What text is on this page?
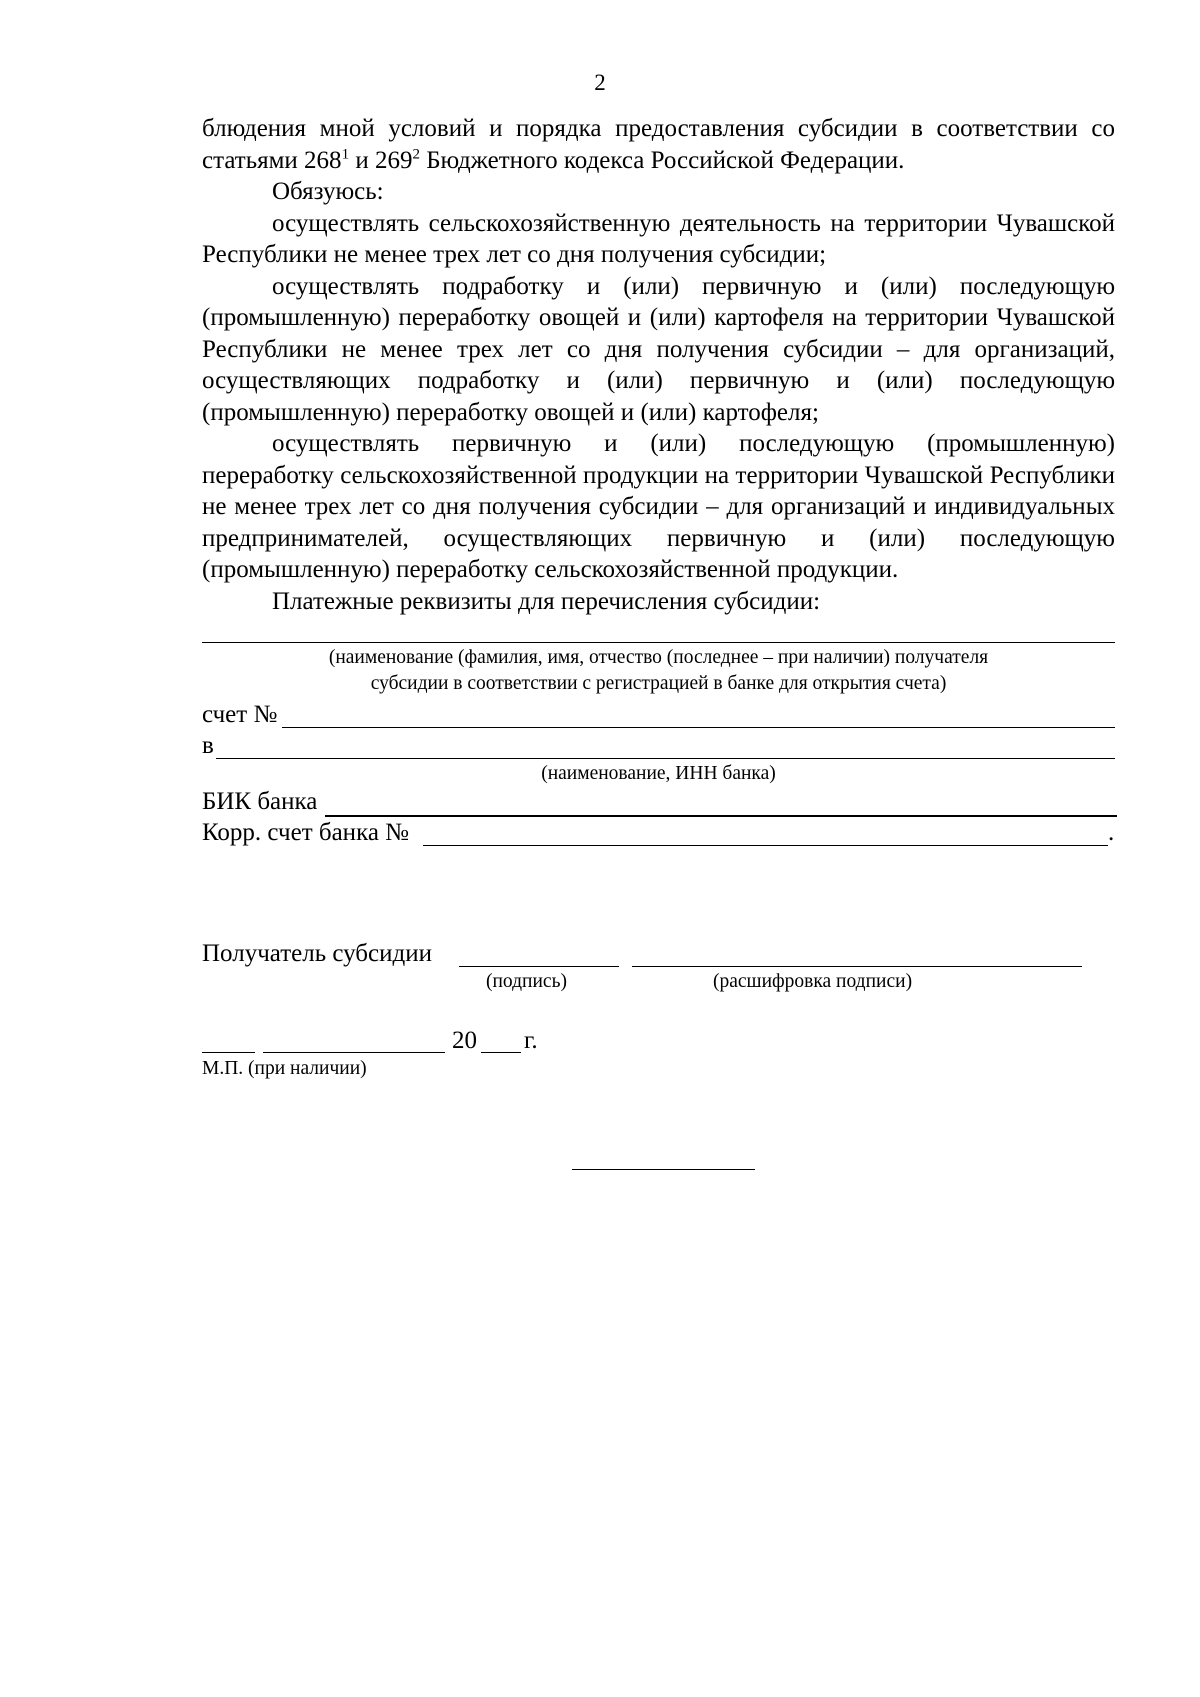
2

блюдения мной условий и порядка предоставления субсидии в соответствии со статьями $268^1$ и $269^2$ Бюджетного кодекса Российской Федерации.

Обязуюсь:

осуществлять сельскохозяйственную деятельность на территории Чувашской Республики не менее трех лет со дня получения субсидии;

осуществлять подработку и (или) первичную и (или) последующую (промышленную) переработку овощей и (или) картофеля на территории Чувашской Республики не менее трех лет со дня получения субсидии – для организаций, осуществляющих подработку и (или) первичную и (или) последующую (промышленную) переработку овощей и (или) картофеля;

осуществлять первичную и (или) последующую (промышленную) переработку сельскохозяйственной продукции на территории Чувашской Республики не менее трех лет со дня получения субсидии – для организаций и индивидуальных предпринимателей, осуществляющих первичную и (или) последующую (промышленную) переработку сельскохозяйственной продукции.

Платежные реквизиты для перечисления субсидии:

(наименование (фамилия, имя, отчество (последнее – при наличии) получателя
субсидии в соответствии с регистрацией в банке для открытия счета)
счет №
в
(наименование, ИНН банка)
БИК банка
Корр. счет банка №	.
Получатель субсидии
(подпись)	(расшифровка подписи)
20 г.
М.П. (при наличии)
